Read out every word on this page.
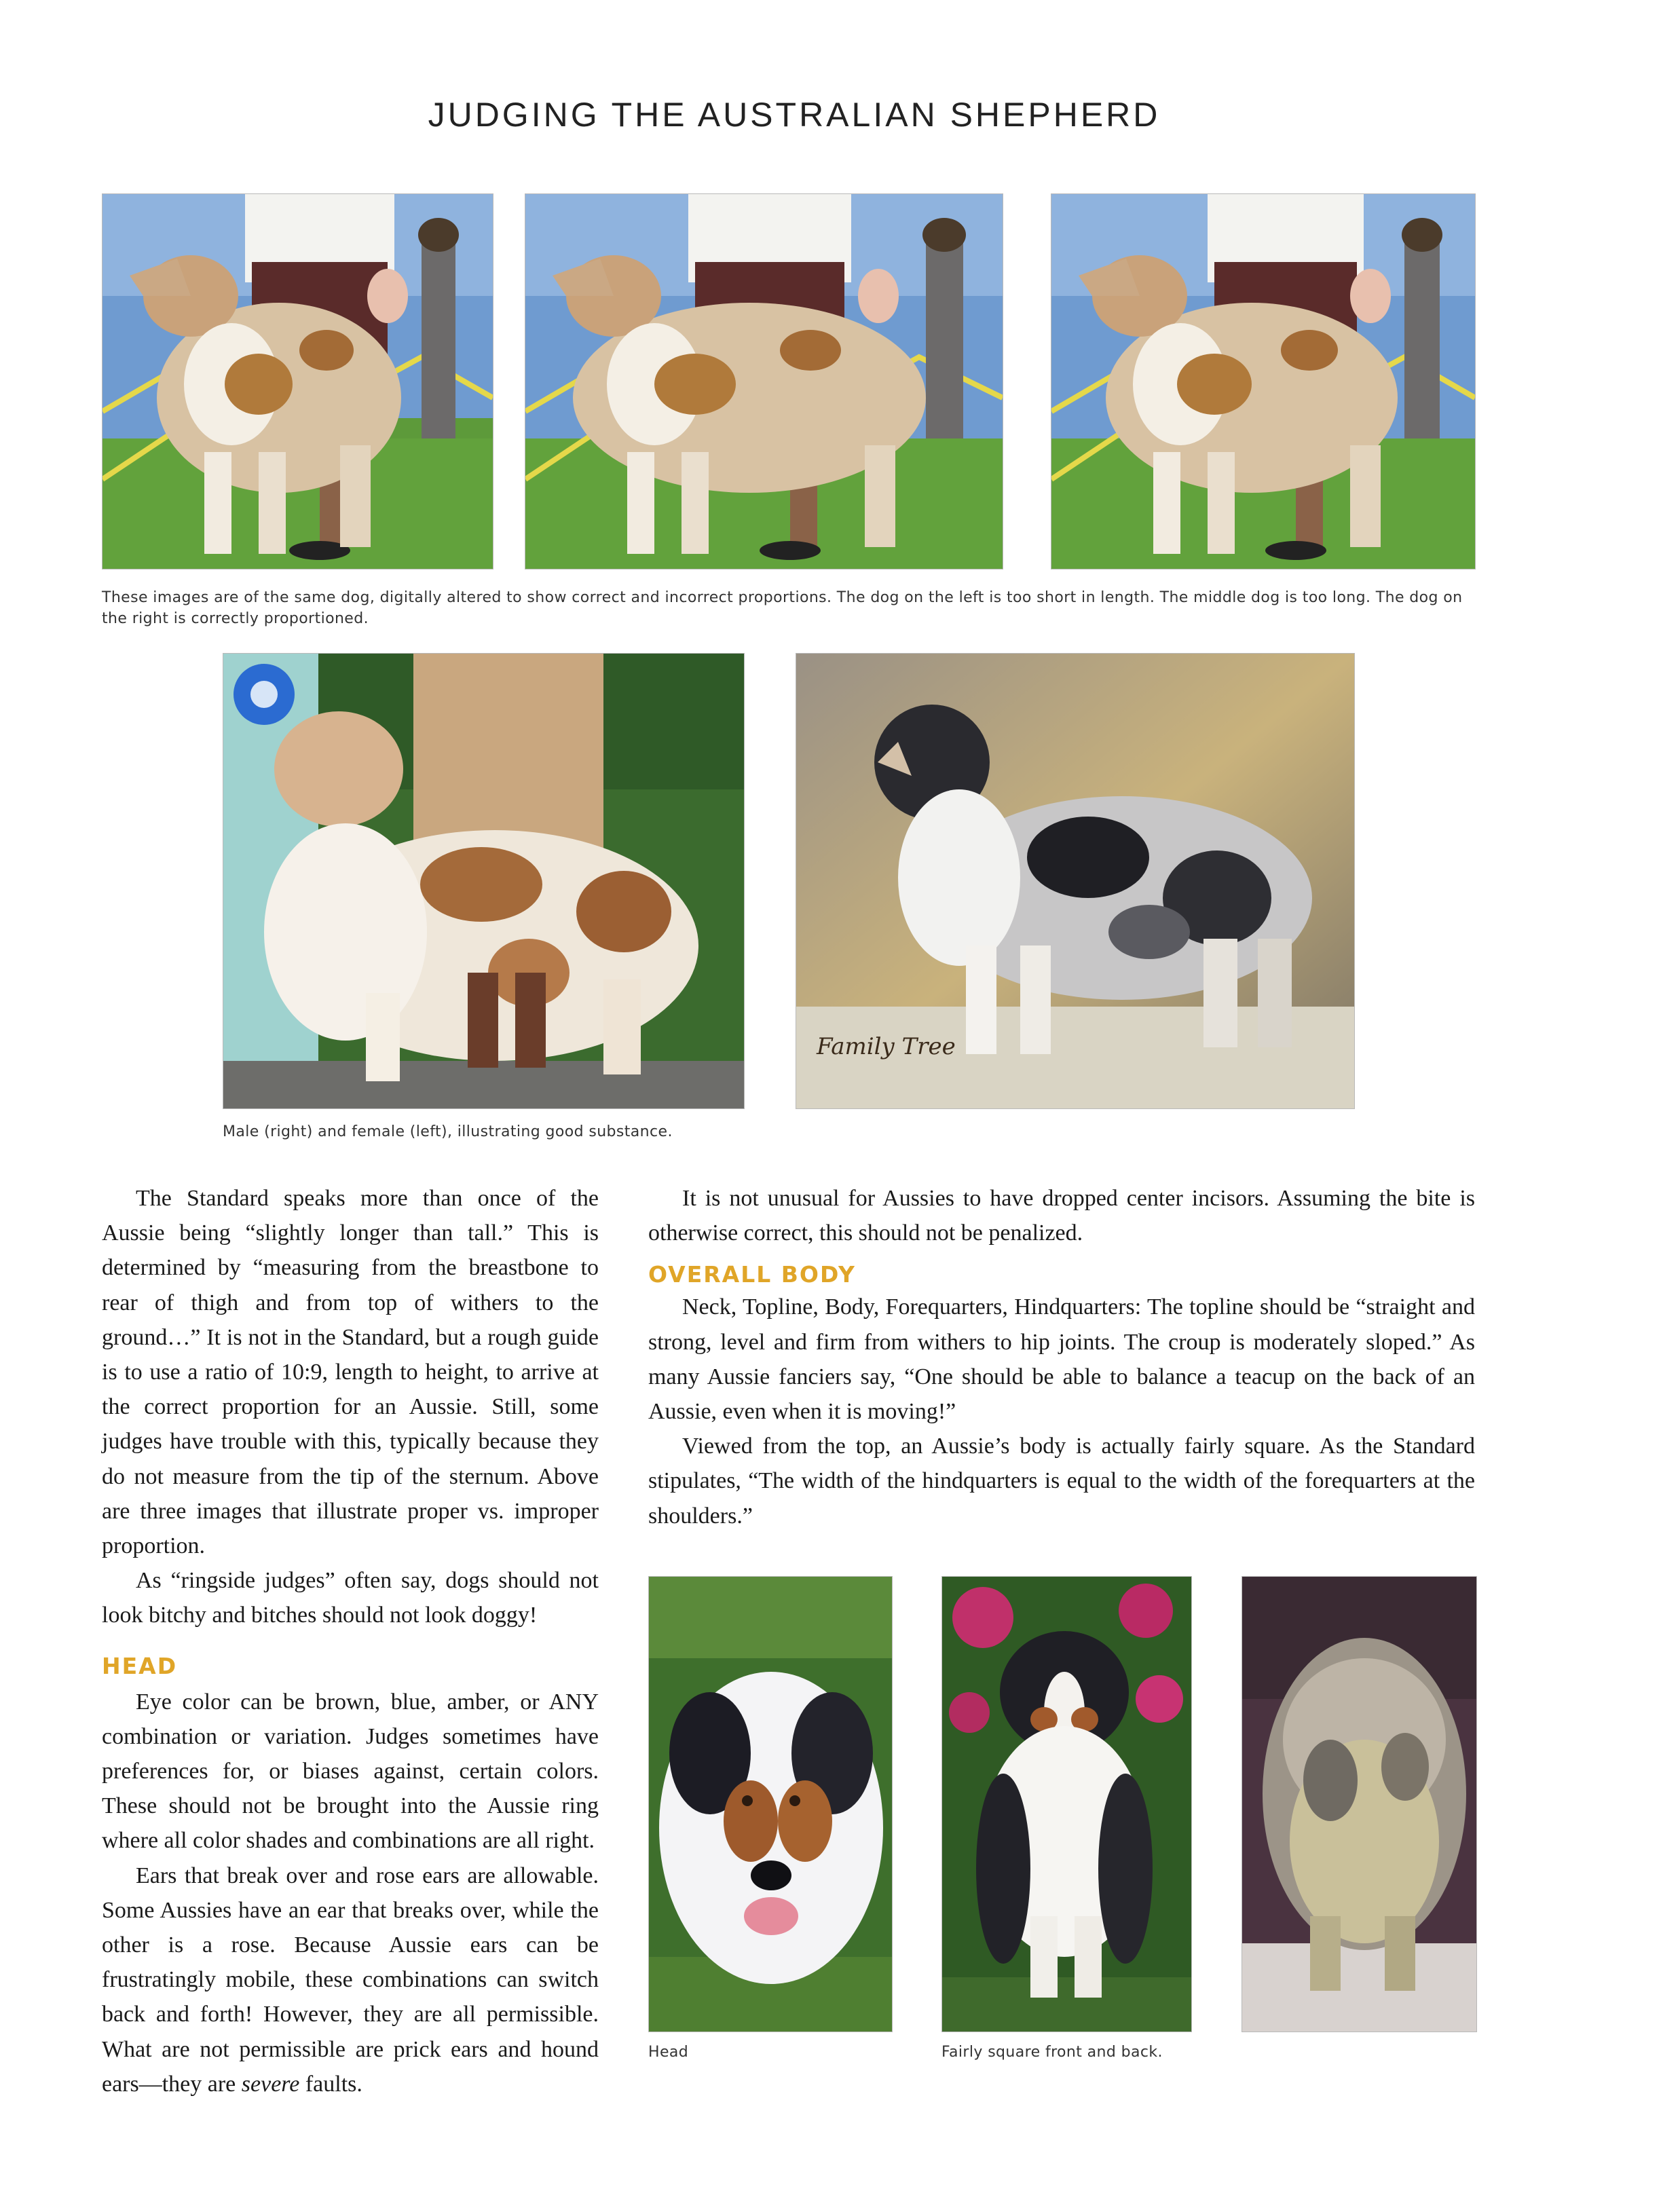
JUDGING THE AUSTRALIAN SHEPHERD
These images are of the same dog, digitally altered to show correct and incorrect proportions. The dog on the left is too short in length. The middle dog is too long. The dog on the right is correctly proportioned.
Family Tree
Male (right) and female (left), illustrating good substance.

The Standard speaks more than once of the Aussie being “slightly longer than tall.” This is determined by “measuring from the breastbone to rear of thigh and from top of withers to the ground…” It is not in the Standard, but a rough guide is to use a ratio of 10:9, length to height, to arrive at the correct proportion for an Aussie. Still, some judges have trouble with this, typically because they do not measure from the tip of the sternum. Above are three images that illustrate proper vs. improper proportion.

As “ringside judges” often say, dogs should not look bitchy and bitches should not look doggy!

HEAD

Eye color can be brown, blue, amber, or ANY combination or variation. Judges sometimes have preferences for, or biases against, certain colors. These should not be brought into the Aussie ring where all color shades and combinations are all right.

Ears that break over and rose ears are allowable. Some Aussies have an ear that breaks over, while the other is a rose. Because Aussie ears can be frustratingly mobile, these combinations can switch back and forth! However, they are all permissible. What are not permissible are prick ears and hound ears—they are severe faults.

It is not unusual for Aussies to have dropped center incisors. Assuming the bite is otherwise correct, this should not be penalized.

OVERALL BODY

Neck, Topline, Body, Forequarters, Hindquarters: The topline should be “straight and strong, level and firm from withers to hip joints. The croup is moderately sloped.” As many Aussie fanciers say, “One should be able to balance a teacup on the back of an Aussie, even when it is moving!”

Viewed from the top, an Aussie’s body is actually fairly square. As the Standard stipulates, “The width of the hindquarters is equal to the width of the forequarters at the shoulders.”

Head	Fairly square front and back.
